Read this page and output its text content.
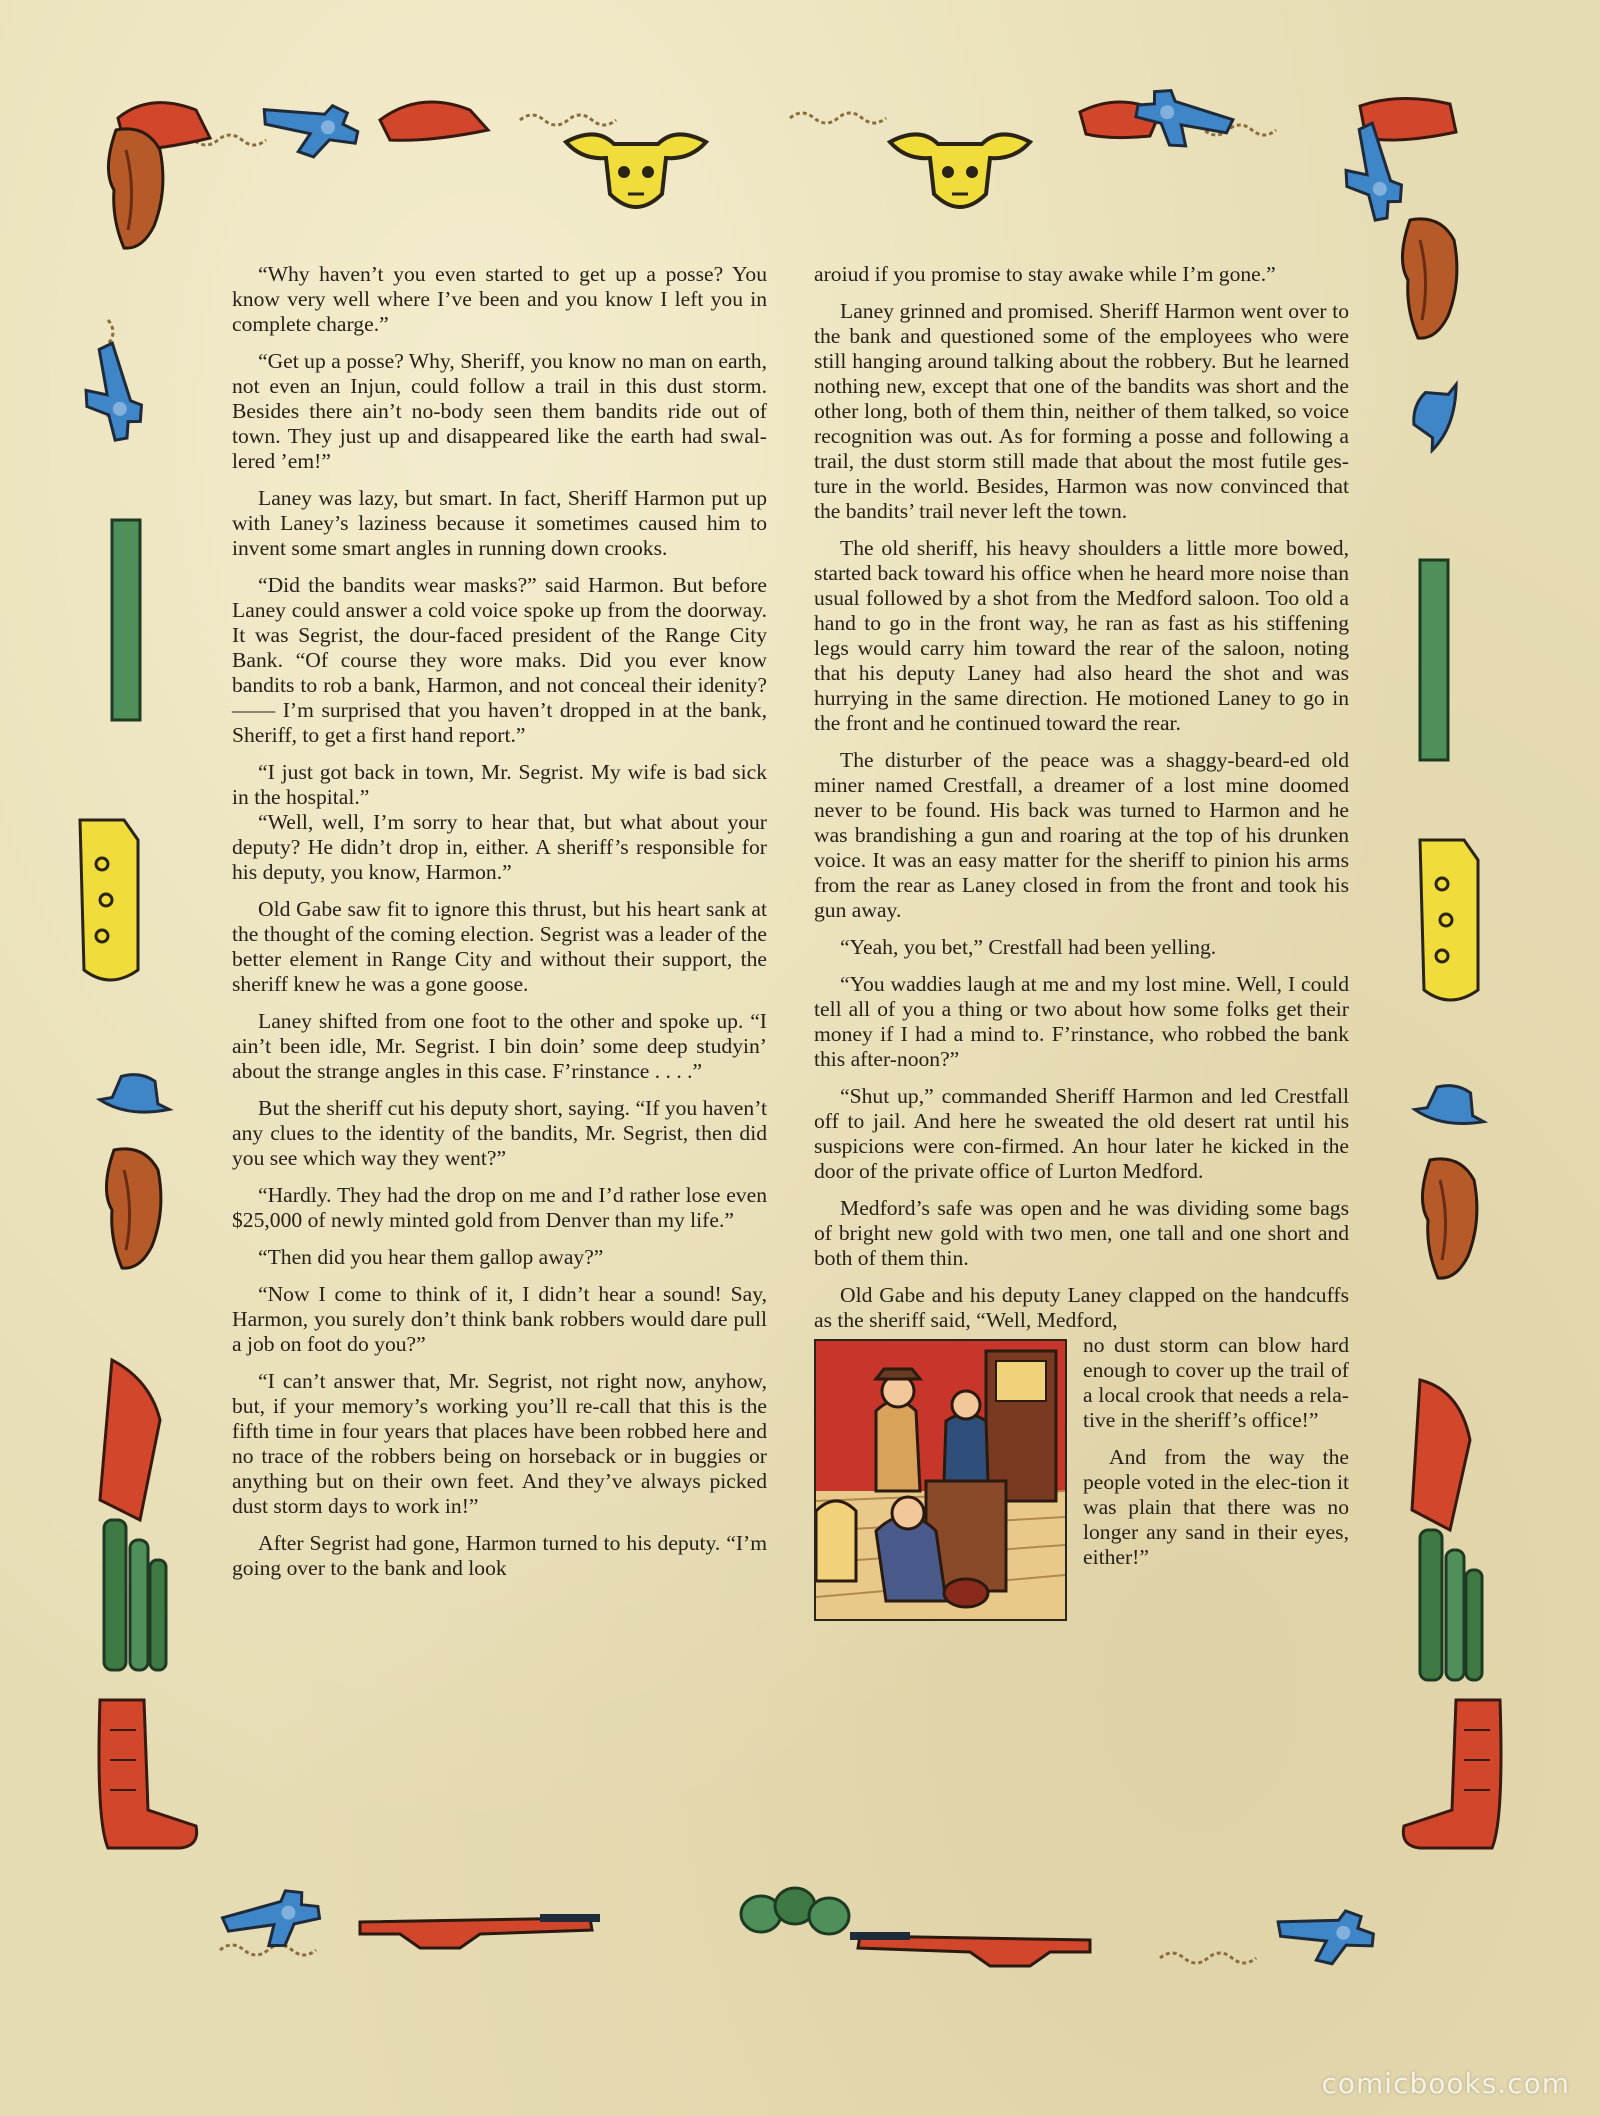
“Why haven’t you even started to get up a posse? You know very well where I’ve been and you know I left you in complete charge.”

“Get up a posse? Why, Sheriff, you know no man on earth, not even an Injun, could follow a trail in this dust storm. Besides there ain’t no-body seen them bandits ride out of town. They just up and disappeared like the earth had swal-lered ’em!”

Laney was lazy, but smart. In fact, Sheriff Harmon put up with Laney’s laziness because it sometimes caused him to invent some smart angles in running down crooks.

“Did the bandits wear masks?” said Harmon. But before Laney could answer a cold voice spoke up from the doorway. It was Segrist, the dour-faced president of the Range City Bank. “Of course they wore maks. Did you ever know bandits to rob a bank, Harmon, and not conceal their idenity? —— I’m surprised that you haven’t dropped in at the bank, Sheriff, to get a first hand report.”

“I just got back in town, Mr. Segrist. My wife is bad sick in the hospital.”

“Well, well, I’m sorry to hear that, but what about your deputy? He didn’t drop in, either. A sheriff’s responsible for his deputy, you know, Harmon.”

Old Gabe saw fit to ignore this thrust, but his heart sank at the thought of the coming election. Segrist was a leader of the better element in Range City and without their support, the sheriff knew he was a gone goose.

Laney shifted from one foot to the other and spoke up. “I ain’t been idle, Mr. Segrist. I bin doin’ some deep studyin’ about the strange angles in this case. F’rinstance . . . .”

But the sheriff cut his deputy short, saying. “If you haven’t any clues to the identity of the bandits, Mr. Segrist, then did you see which way they went?”

“Hardly. They had the drop on me and I’d rather lose even $25,000 of newly minted gold from Denver than my life.”

“Then did you hear them gallop away?”

“Now I come to think of it, I didn’t hear a sound! Say, Harmon, you surely don’t think bank robbers would dare pull a job on foot do you?”

“I can’t answer that, Mr. Segrist, not right now, anyhow, but, if your memory’s working you’ll re-call that this is the fifth time in four years that places have been robbed here and no trace of the robbers being on horseback or in buggies or anything but on their own feet. And they’ve always picked dust storm days to work in!”

After Segrist had gone, Harmon turned to his deputy. “I’m going over to the bank and look

aroiud if you promise to stay awake while I’m gone.”

Laney grinned and promised. Sheriff Harmon went over to the bank and questioned some of the employees who were still hanging around talking about the robbery. But he learned nothing new, except that one of the bandits was short and the other long, both of them thin, neither of them talked, so voice recognition was out. As for forming a posse and following a trail, the dust storm still made that about the most futile ges-ture in the world. Besides, Harmon was now convinced that the bandits’ trail never left the town.

The old sheriff, his heavy shoulders a little more bowed, started back toward his office when he heard more noise than usual followed by a shot from the Medford saloon. Too old a hand to go in the front way, he ran as fast as his stiffening legs would carry him toward the rear of the saloon, noting that his deputy Laney had also heard the shot and was hurrying in the same direction. He motioned Laney to go in the front and he continued toward the rear.

The disturber of the peace was a shaggy-beard-ed old miner named Crestfall, a dreamer of a lost mine doomed never to be found. His back was turned to Harmon and he was brandishing a gun and roaring at the top of his drunken voice. It was an easy matter for the sheriff to pinion his arms from the rear as Laney closed in from the front and took his gun away.

“Yeah, you bet,” Crestfall had been yelling.

“You waddies laugh at me and my lost mine. Well, I could tell all of you a thing or two about how some folks get their money if I had a mind to. F’rinstance, who robbed the bank this after-noon?”

“Shut up,” commanded Sheriff Harmon and led Crestfall off to jail. And here he sweated the old desert rat until his suspicions were con-firmed. An hour later he kicked in the door of the private office of Lurton Medford.

Medford’s safe was open and he was dividing some bags of bright new gold with two men, one tall and one short and both of them thin.

Old Gabe and his deputy Laney clapped on the handcuffs as the sheriff said, “Well, Medford,

no dust storm can blow hard enough to cover up the trail of a local crook that needs a rela-tive in the sheriff’s office!”

And from the way the people voted in the elec-tion it was plain that there was no longer any sand in their eyes, either!”

comicbooks.com
